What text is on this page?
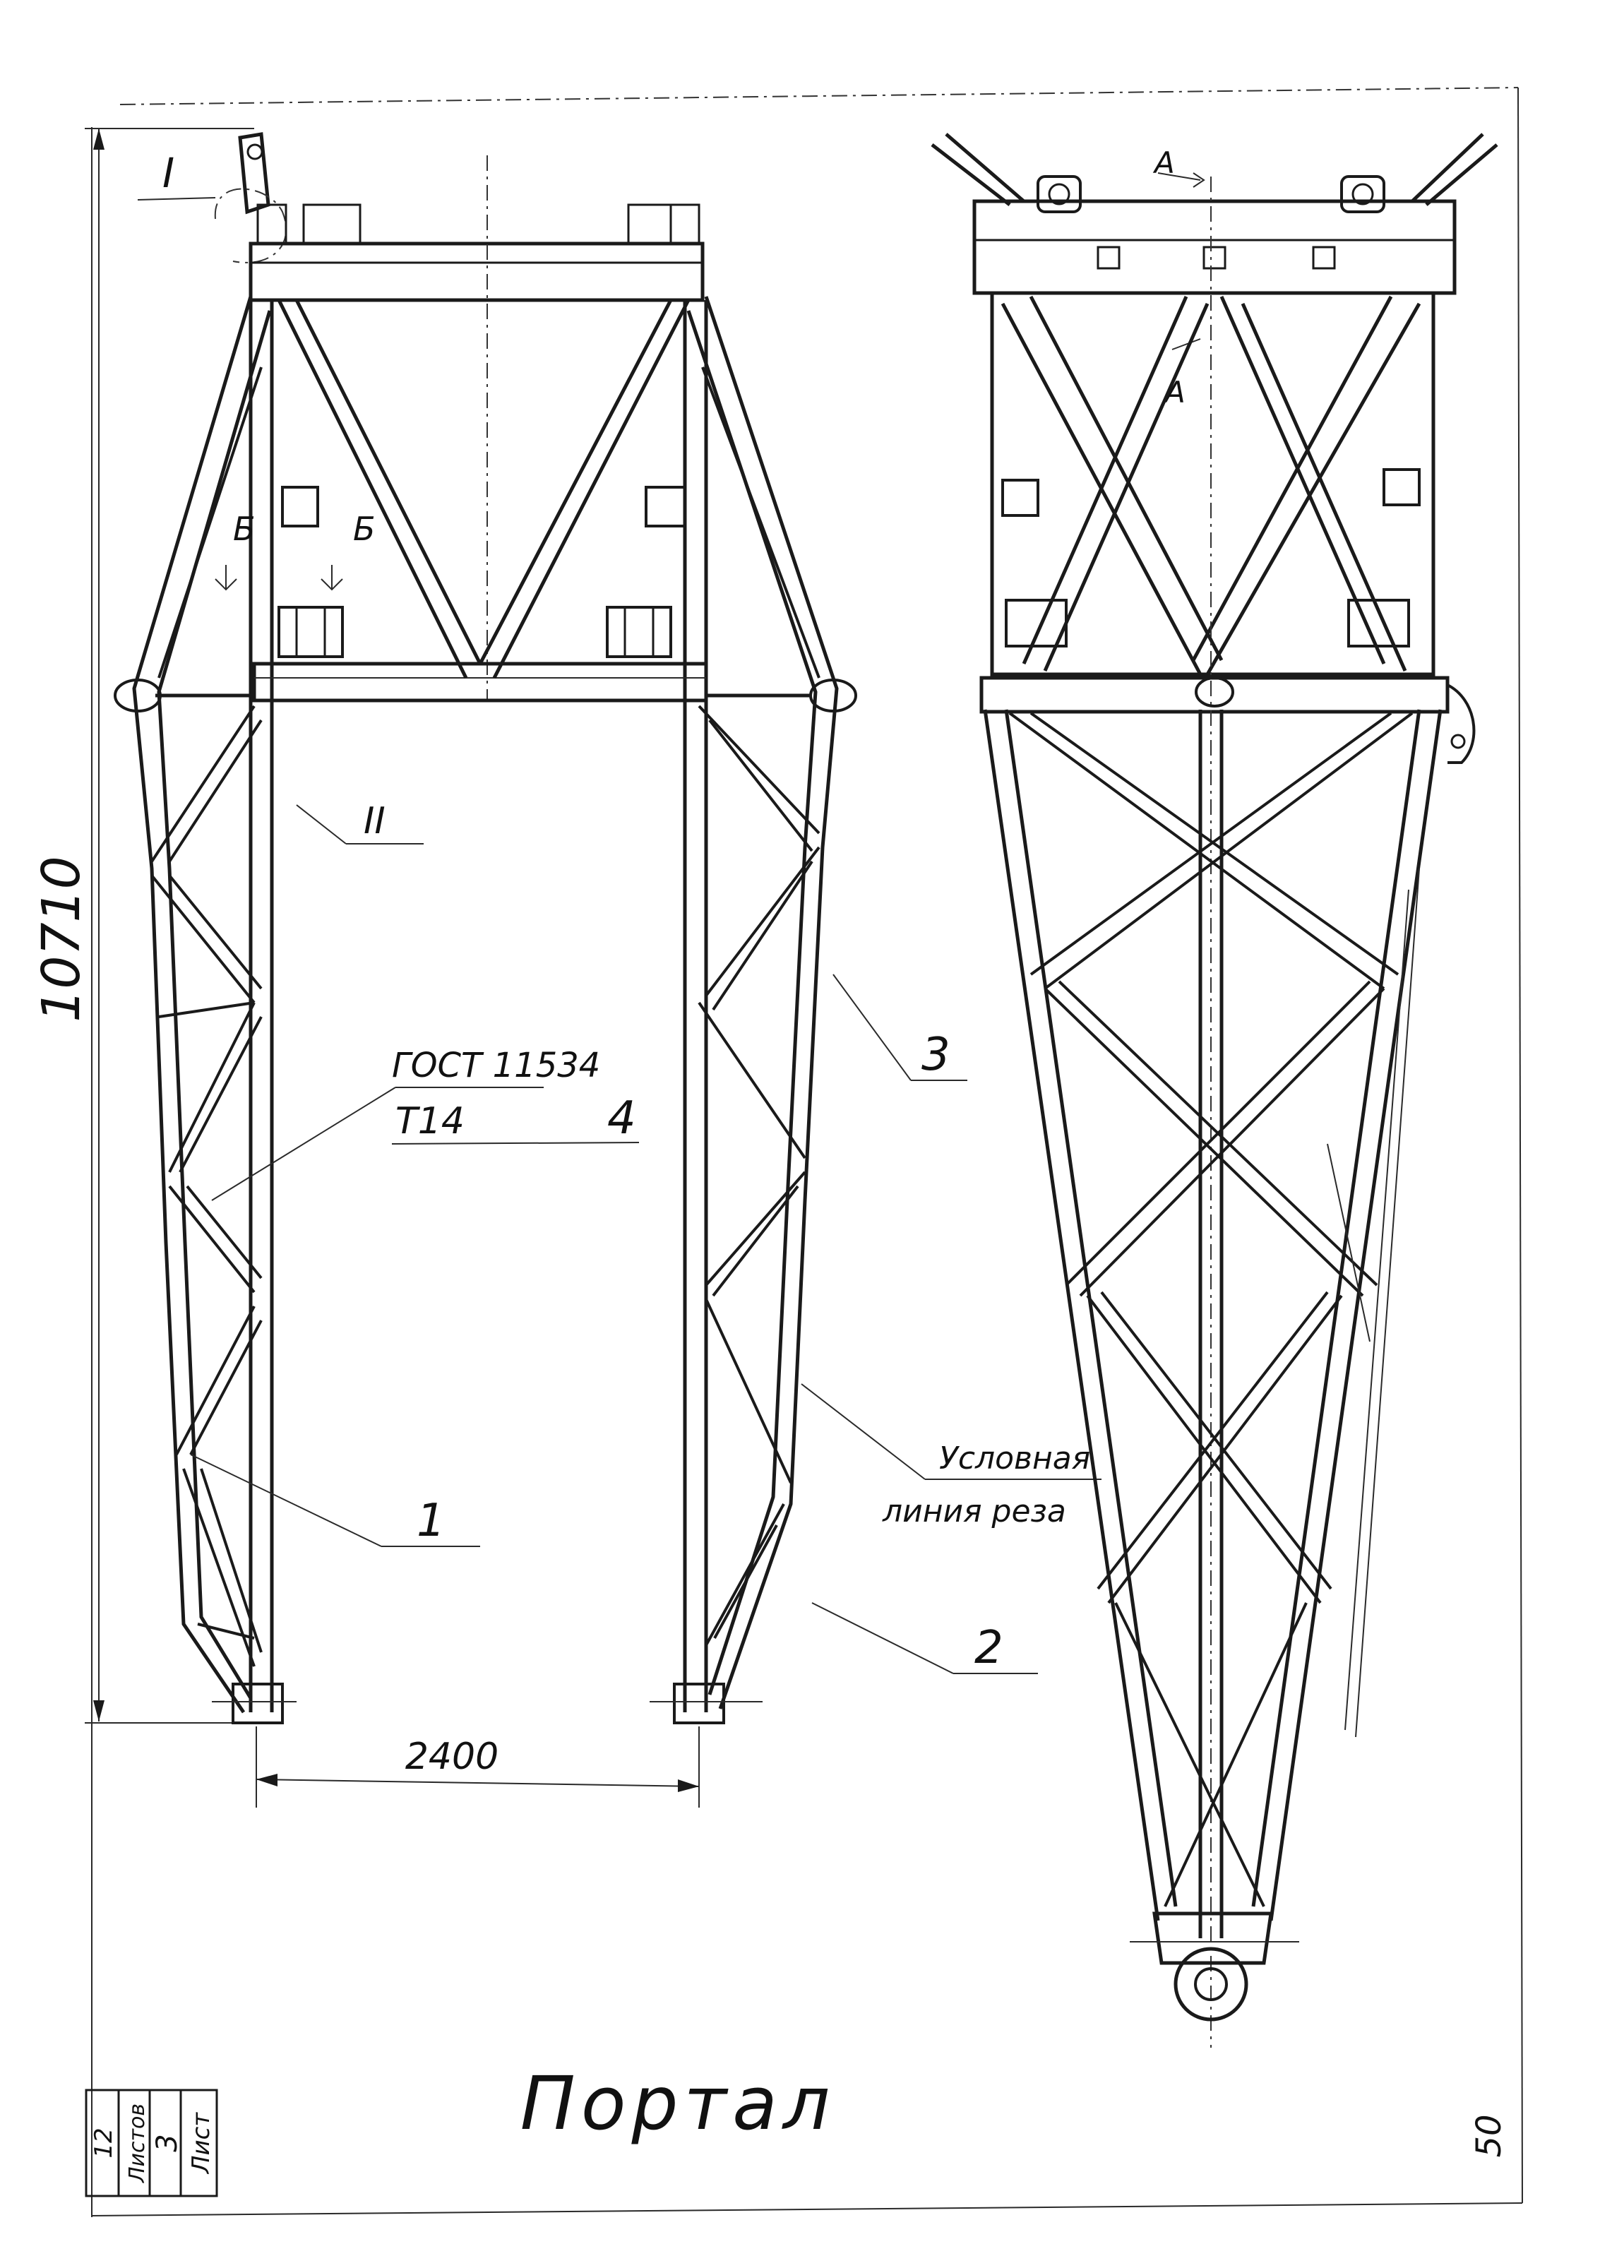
Лист
3
Листов
12
10710
Б	Б
2400
I
II
ГОСТ 11534
Т14	4
1
3
2
Условная
линия резa
А
А
50
Портал
